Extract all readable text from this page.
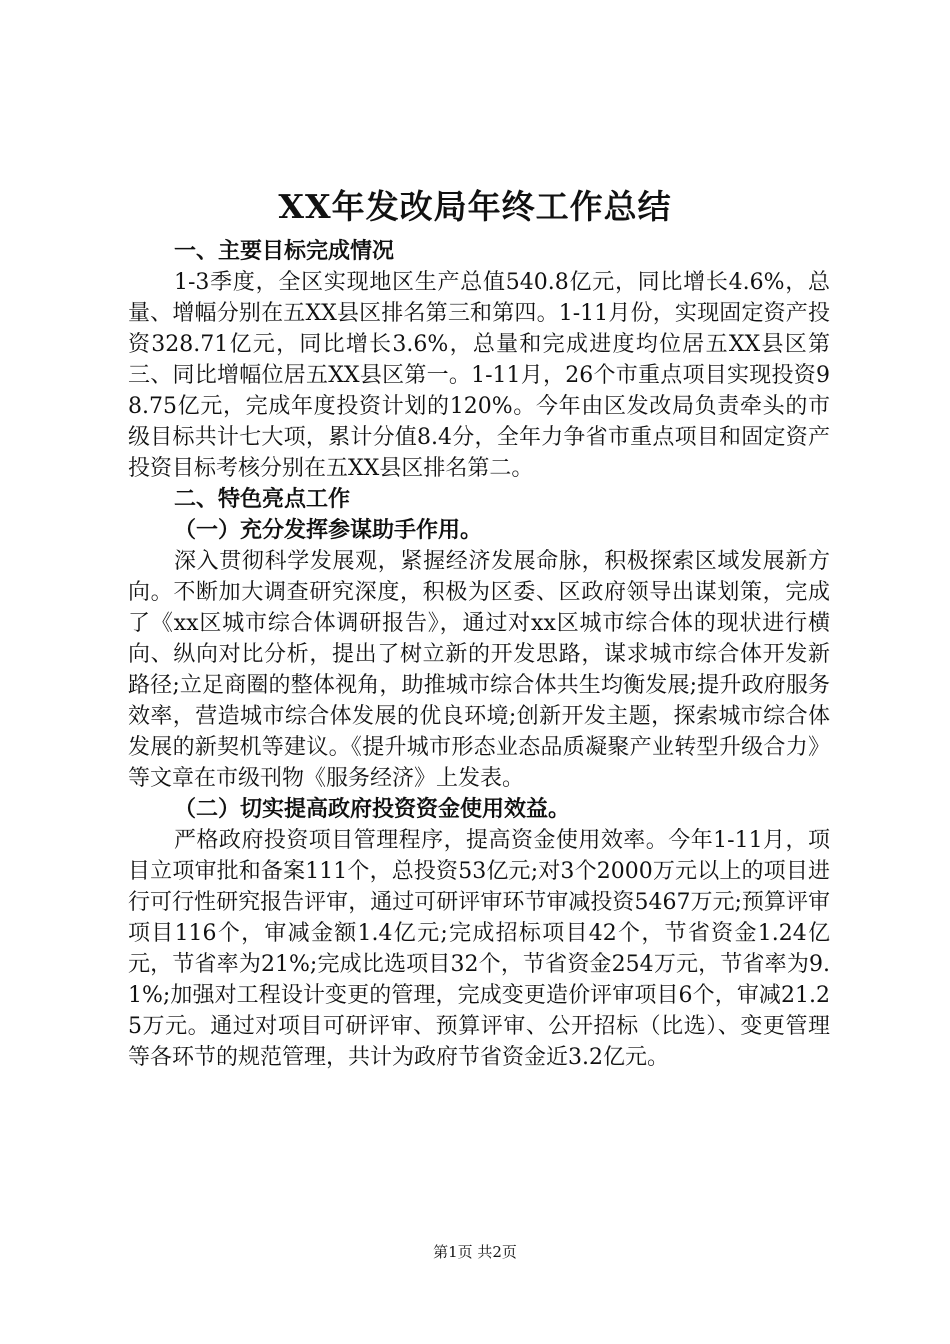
XX年发改局年终工作总结
一、主要目标完成情况

1-3季度，全区实现地区生产总值540.8亿元，同比增长4.6%，总量、增幅分别在五XX县区排名第三和第四。1-11月份，实现固定资产投资328.71亿元，同比增长3.6%，总量和完成进度均位居五XX县区第三、同比增幅位居五XX县区第一。1-11月，26个市重点项目实现投资98.75亿元，完成年度投资计划的120%。今年由区发改局负责牵头的市级目标共计七大项，累计分值8.4分，全年力争省市重点项目和固定资产投资目标考核分别在五XX县区排名第二。

二、特色亮点工作
（一）充分发挥参谋助手作用。

深入贯彻科学发展观，紧握经济发展命脉，积极探索区域发展新方向。不断加大调查研究深度，积极为区委、区政府领导出谋划策，完成了《xx区城市综合体调研报告》，通过对xx区城市综合体的现状进行横向、纵向对比分析，提出了树立新的开发思路，谋求城市综合体开发新路径;立足商圈的整体视角，助推城市综合体共生均衡发展;提升政府服务效率，营造城市综合体发展的优良环境;创新开发主题，探索城市综合体发展的新契机等建议。《提升城市形态业态品质凝聚产业转型升级合力》等文章在市级刊物《服务经济》上发表。

（二）切实提高政府投资资金使用效益。

严格政府投资项目管理程序，提高资金使用效率。今年1-11月，项目立项审批和备案111个，总投资53亿元;对3个2000万元以上的项目进行可行性研究报告评审，通过可研评审环节审减投资5467万元;预算评审项目116个，审减金额1.4亿元;完成招标项目42个，节省资金1.24亿元，节省率为21%;完成比选项目32个，节省资金254万元，节省率为9.1%;加强对工程设计变更的管理，完成变更造价评审项目6个，审减21.25万元。通过对项目可研评审、预算评审、公开招标（比选）、变更管理等各环节的规范管理，共计为政府节省资金近3.2亿元。

第1页 共2页
